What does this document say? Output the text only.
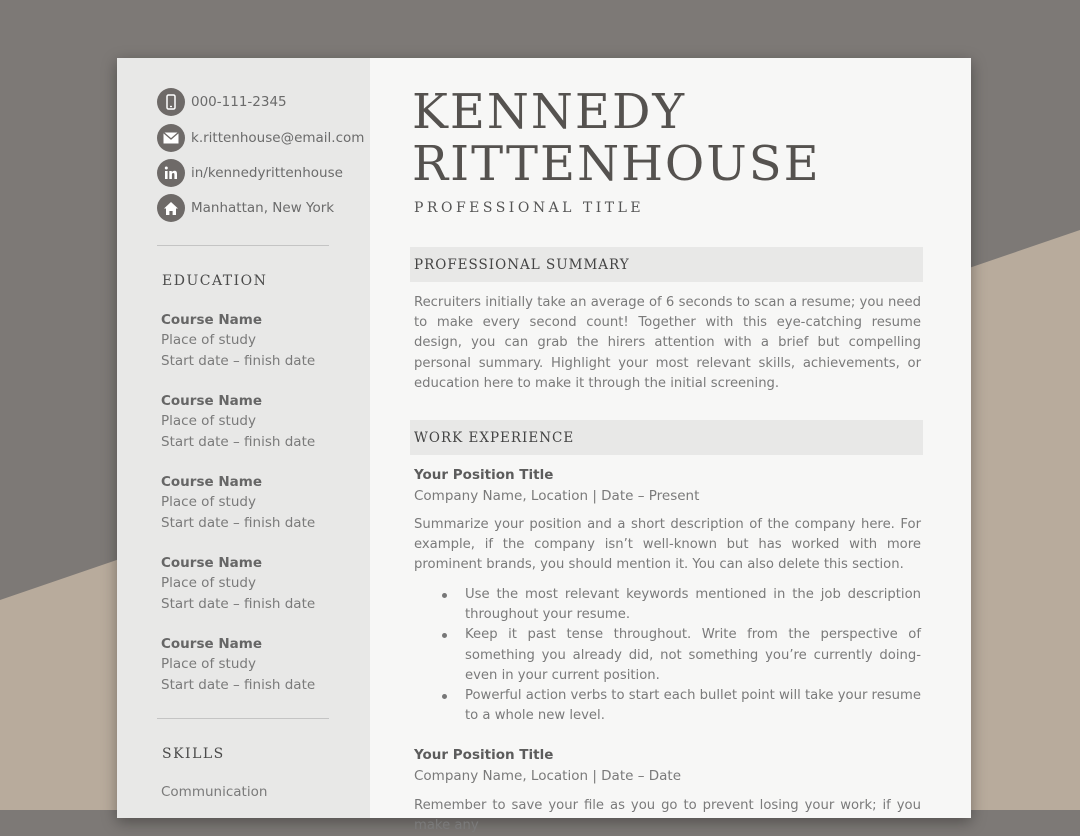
000-111-2345
k.rittenhouse@email.com
in/kennedyrittenhouse
Manhattan, New York
EDUCATION
Course Name
Place of study
Start date – finish date
Course Name
Place of study
Start date – finish date
Course Name
Place of study
Start date – finish date
Course Name
Place of study
Start date – finish date
Course Name
Place of study
Start date – finish date
SKILLS
Communication
KENNEDY
RITTENHOUSE
PROFESSIONAL TITLE
PROFESSIONAL SUMMARY
Recruiters initially take an average of 6 seconds to scan a resume; you need to make every second count! Together with this eye-catching resume design, you can grab the hirers attention with a brief but compelling personal summary. Highlight your most relevant skills, achievements, or education here to make it through the initial screening.
WORK EXPERIENCE
Your Position Title
Company Name, Location | Date – Present
Summarize your position and a short description of the company here. For example, if the company isn’t well-known but has worked with more prominent brands, you should mention it. You can also delete this section.
Use the most relevant keywords mentioned in the job description throughout your resume.
Keep it past tense throughout. Write from the perspective of something you already did, not something you’re currently doing-even in your current position.
Powerful action verbs to start each bullet point will take your resume to a whole new level.
Your Position Title
Company Name, Location | Date – Date
Remember to save your file as you go to prevent losing your work; if you make any
